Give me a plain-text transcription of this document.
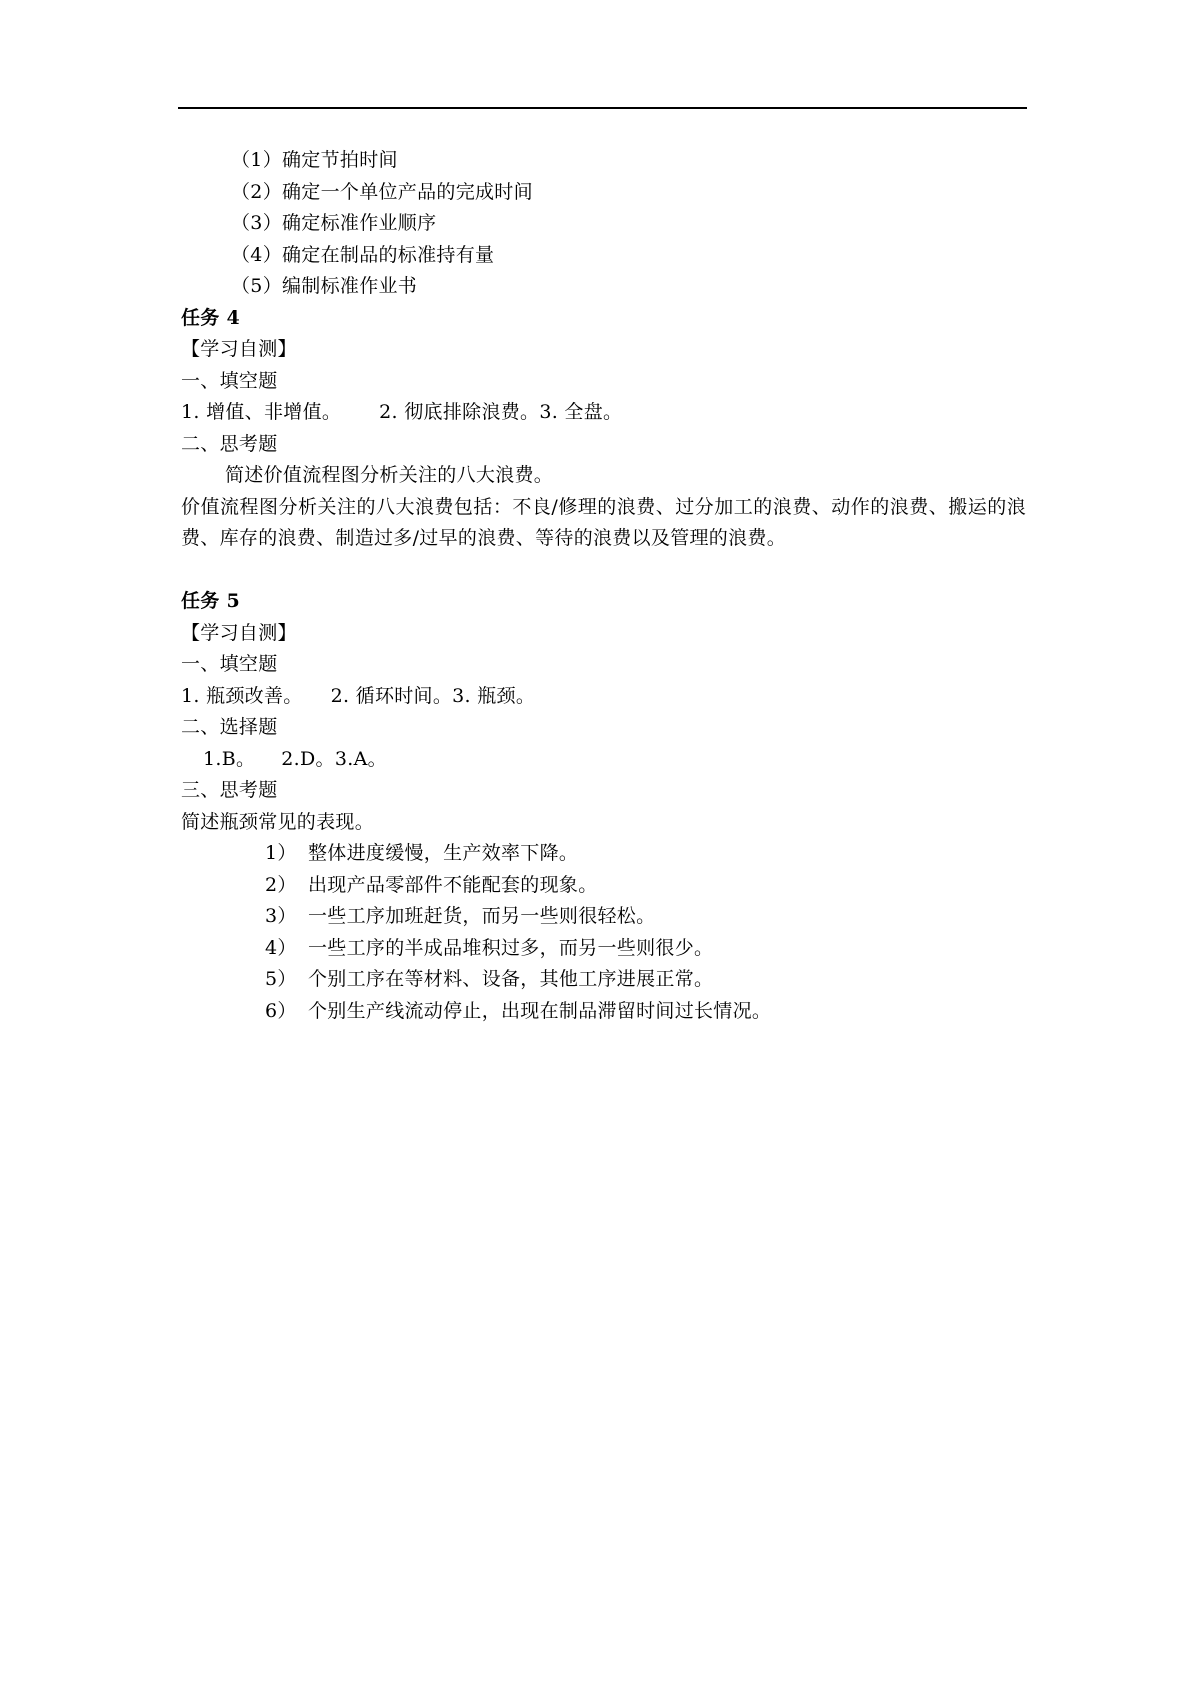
（1）确定节拍时间
（2）确定一个单位产品的完成时间
（3）确定标准作业顺序
（4）确定在制品的标准持有量
（5）编制标准作业书
任务 4
【学习自测】
一、填空题
1. 增值、非增值。 2. 彻底排除浪费。3. 全盘。
二、思考题
简述价值流程图分析关注的八大浪费。
价值流程图分析关注的八大浪费包括：不良/修理的浪费、过分加工的浪费、动作的浪费、搬运的浪费、库存的浪费、制造过多/过早的浪费、等待的浪费以及管理的浪费。
任务 5
【学习自测】
一、填空题
1. 瓶颈改善。 2. 循环时间。3. 瓶颈。
二、选择题
1.B。 2.D。3.A。
三、思考题
简述瓶颈常见的表现。
1） 整体进度缓慢，生产效率下降。
2） 出现产品零部件不能配套的现象。
3） 一些工序加班赶货，而另一些则很轻松。
4） 一些工序的半成品堆积过多，而另一些则很少。
5） 个别工序在等材料、设备，其他工序进展正常。
6） 个别生产线流动停止，出现在制品滞留时间过长情况。
